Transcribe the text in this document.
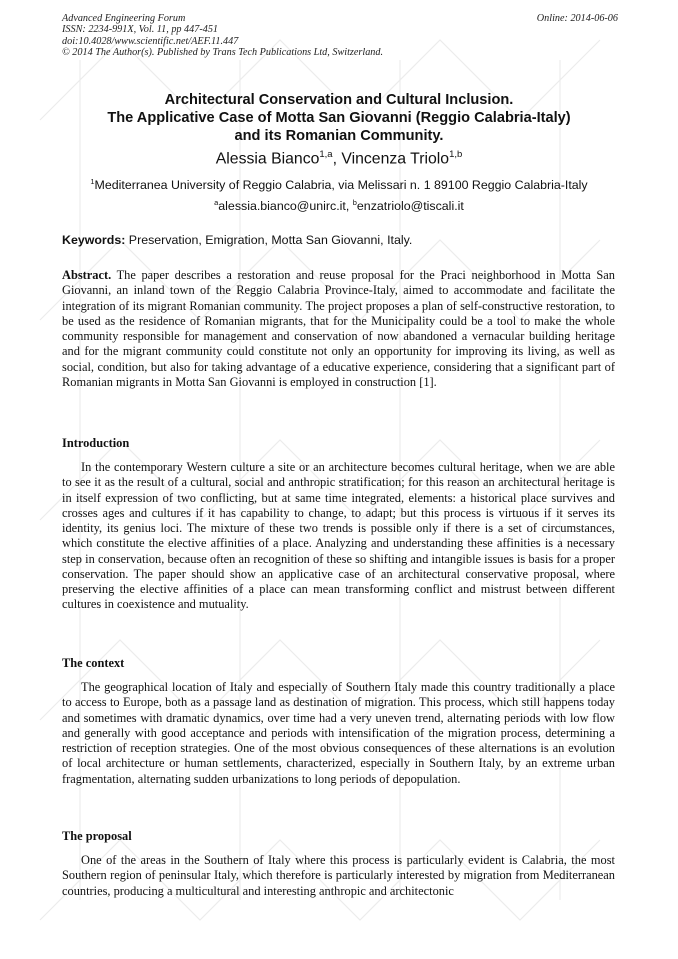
Advanced Engineering Forum
ISSN: 2234-991X, Vol. 11, pp 447-451
doi:10.4028/www.scientific.net/AEF.11.447
© 2014 The Author(s). Published by Trans Tech Publications Ltd, Switzerland.
Online: 2014-06-06
Architectural Conservation and Cultural Inclusion.
The Applicative Case of Motta San Giovanni (Reggio Calabria-Italy)
and its Romanian Community.
Alessia Bianco$^{1,a}$, Vincenza Triolo$^{1,b}$
$^1$Mediterranea University of Reggio Calabria, via Melissari n. 1 89100 Reggio Calabria-Italy
$^a$alessia.bianco@unirc.it, $^b$enzatriolo@tiscali.it
Keywords: Preservation, Emigration, Motta San Giovanni, Italy.
Abstract. The paper describes a restoration and reuse proposal for the Praci neighborhood in Motta San Giovanni, an inland town of the Reggio Calabria Province-Italy, aimed to accommodate and facilitate the integration of its migrant Romanian community. The project proposes a plan of self-constructive restoration, to be used as the residence of Romanian migrants, that for the Municipality could be a tool to make the whole community responsible for management and conservation of now abandoned a vernacular building heritage and for the migrant community could constitute not only an opportunity for improving its living, as well as social, condition, but also for taking advantage of a educative experience, considering that a significant part of Romanian migrants in Motta San Giovanni is employed in construction [1].
Introduction
In the contemporary Western culture a site or an architecture becomes cultural heritage, when we are able to see it as the result of a cultural, social and anthropic stratification; for this reason an architectural heritage is in itself expression of two conflicting, but at same time integrated, elements: a historical place survives and crosses ages and cultures if it has capability to change, to adapt; but this process is virtuous if it serves its identity, its genius loci. The mixture of these two trends is possible only if there is a set of circumstances, which constitute the elective affinities of a place. Analyzing and understanding these affinities is a necessary step in conservation, because often an recognition of these so shifting and intangible issues is basis for a proper conservation. The paper should show an applicative case of an architectural conservative proposal, where preserving the elective affinities of a place can mean transforming conflict and mistrust between different cultures in coexistence and mutuality.
The context
The geographical location of Italy and especially of Southern Italy made this country traditionally a place to access to Europe, both as a passage land as destination of migration. This process, which still happens today and sometimes with dramatic dynamics, over time had a very uneven trend, alternating periods with low flow and generally with good acceptance and periods with intensification of the migration process, determining a restriction of reception strategies. One of the most obvious consequences of these alternations is an evolution of local architecture or human settlements, characterized, especially in Southern Italy, by an extreme urban fragmentation, alternating sudden urbanizations to long periods of depopulation.
The proposal
One of the areas in the Southern of Italy where this process is particularly evident is Calabria, the most Southern region of peninsular Italy, which therefore is particularly interested by migration from Mediterranean countries, producing a multicultural and interesting anthropic and architectonic
